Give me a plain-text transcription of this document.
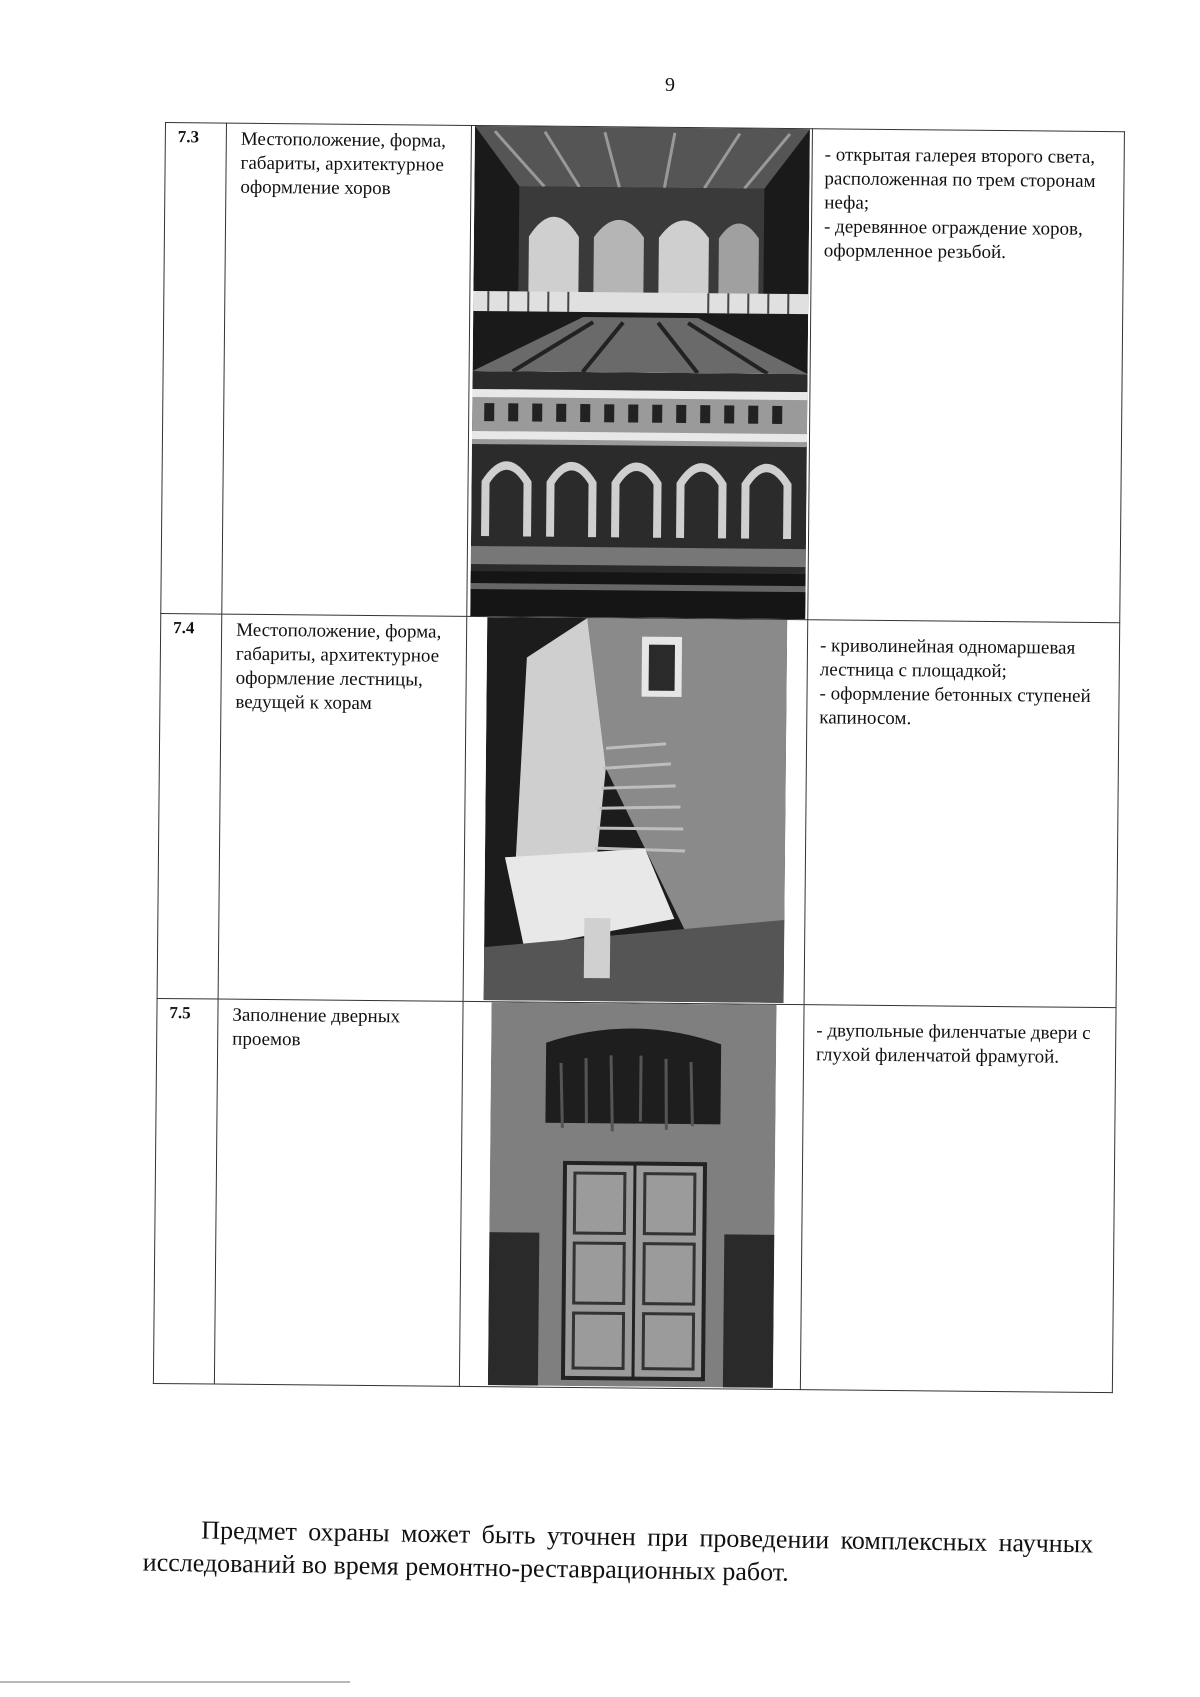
9
7.3	Местоположение, форма, габариты, архитектурное оформление хоров		- открытая галерея второго света, расположенная по трем сторонам нефа;
- деревянное ограждение хоров, оформленное резьбой.

7.4	Местоположение, форма, габариты, архитектурное оформление лестницы, ведущей к хорам		- криволинейная одномаршевая лестница с площадкой;
- оформление бетонных ступеней капиносом.

7.5	Заполнение дверных проемов		- двупольные филенчатые двери с глухой филенчатой фрамугой.
Предмет охраны может быть уточнен при проведении комплексных научных исследований во время ремонтно-реставрационных работ.
